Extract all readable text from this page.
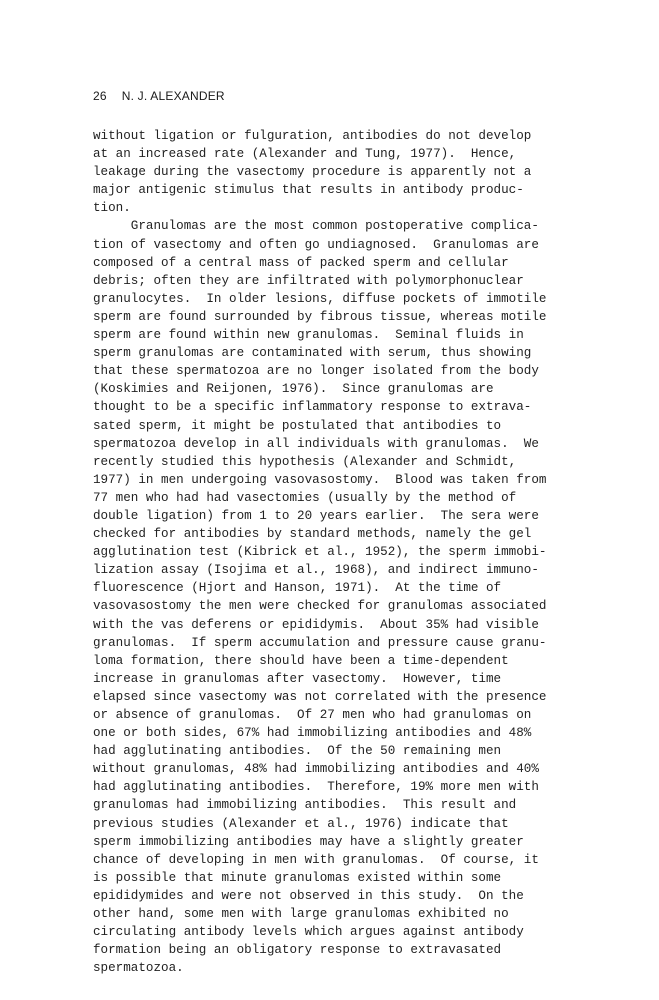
26 N. J. ALEXANDER
without ligation or fulguration, antibodies do not develop
at an increased rate (Alexander and Tung, 1977).  Hence,
leakage during the vasectomy procedure is apparently not a
major antigenic stimulus that results in antibody produc-
tion.
Granulomas are the most common postoperative complica-
tion of vasectomy and often go undiagnosed.  Granulomas are
composed of a central mass of packed sperm and cellular
debris; often they are infiltrated with polymorphonuclear
granulocytes.  In older lesions, diffuse pockets of immotile
sperm are found surrounded by fibrous tissue, whereas motile
sperm are found within new granulomas.  Seminal fluids in
sperm granulomas are contaminated with serum, thus showing
that these spermatozoa are no longer isolated from the body
(Koskimies and Reijonen, 1976).  Since granulomas are
thought to be a specific inflammatory response to extrava-
sated sperm, it might be postulated that antibodies to
spermatozoa develop in all individuals with granulomas.  We
recently studied this hypothesis (Alexander and Schmidt,
1977) in men undergoing vasovasostomy.  Blood was taken from
77 men who had had vasectomies (usually by the method of
double ligation) from 1 to 20 years earlier.  The sera were
checked for antibodies by standard methods, namely the gel
agglutination test (Kibrick et al., 1952), the sperm immobi-
lization assay (Isojima et al., 1968), and indirect immuno-
fluorescence (Hjort and Hanson, 1971).  At the time of
vasovasostomy the men were checked for granulomas associated
with the vas deferens or epididymis.  About 35% had visible
granulomas.  If sperm accumulation and pressure cause granu-
loma formation, there should have been a time-dependent
increase in granulomas after vasectomy.  However, time
elapsed since vasectomy was not correlated with the presence
or absence of granulomas.  Of 27 men who had granulomas on
one or both sides, 67% had immobilizing antibodies and 48%
had agglutinating antibodies.  Of the 50 remaining men
without granulomas, 48% had immobilizing antibodies and 40%
had agglutinating antibodies.  Therefore, 19% more men with
granulomas had immobilizing antibodies.  This result and
previous studies (Alexander et al., 1976) indicate that
sperm immobilizing antibodies may have a slightly greater
chance of developing in men with granulomas.  Of course, it
is possible that minute granulomas existed within some
epididymides and were not observed in this study.  On the
other hand, some men with large granulomas exhibited no
circulating antibody levels which argues against antibody
formation being an obligatory response to extravasated
spermatozoa.
